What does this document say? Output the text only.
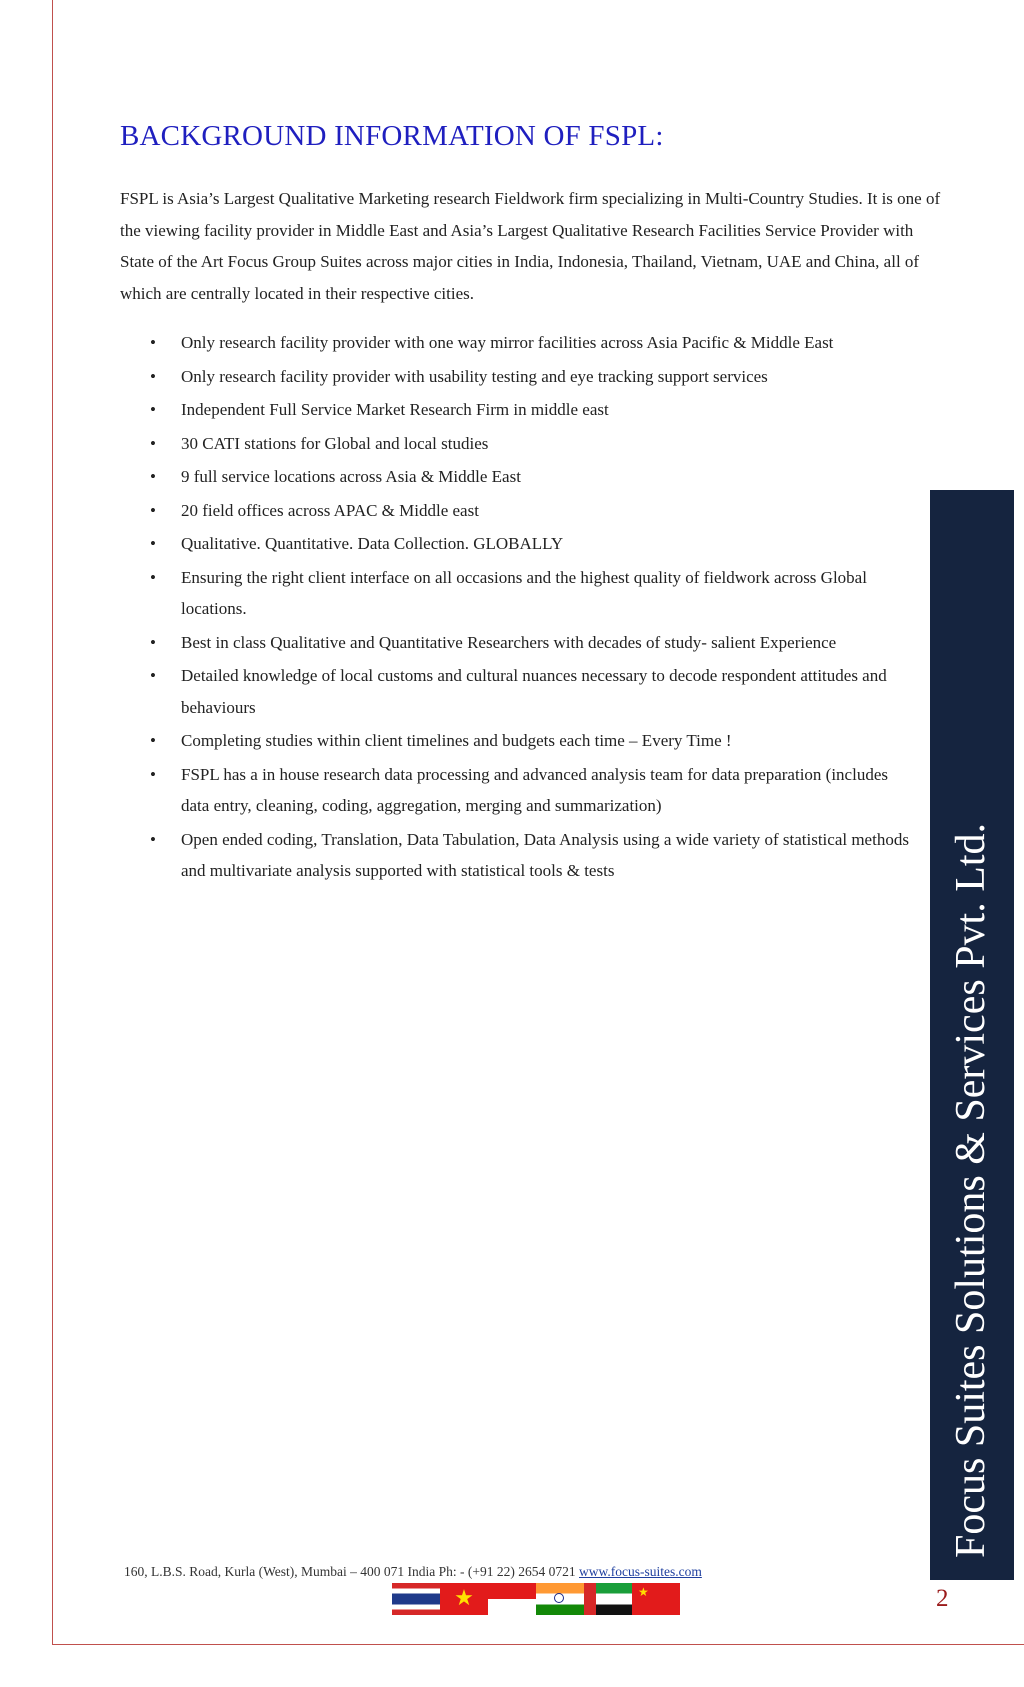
BACKGROUND INFORMATION OF FSPL:

FSPL is Asia’s Largest Qualitative Marketing research Fieldwork firm specializing in Multi-Country Studies. It is one of the viewing facility provider in Middle East and Asia’s Largest Qualitative Research Facilities Service Provider with State of the Art Focus Group Suites across major cities in India, Indonesia, Thailand, Vietnam, UAE and China, all of which are centrally located in their respective cities.

• Only research facility provider with one way mirror facilities across Asia Pacific & Middle East
• Only research facility provider with usability testing and eye tracking support services
• Independent Full Service Market Research Firm in middle east
• 30 CATI stations for Global and local studies
• 9 full service locations across Asia & Middle East
• 20 field offices across APAC & Middle east
• Qualitative. Quantitative. Data Collection. GLOBALLY
• Ensuring the right client interface on all occasions and the highest quality of fieldwork across Global locations.
• Best in class Qualitative and Quantitative Researchers with decades of study- salient Experience
• Detailed knowledge of local customs and cultural nuances necessary to decode respondent attitudes and behaviours
• Completing studies within client timelines and budgets each time – Every Time !
• FSPL has a in house research data processing and advanced analysis team for data preparation (includes data entry, cleaning, coding, aggregation, merging and summarization)
• Open ended coding, Translation, Data Tabulation, Data Analysis using a wide variety of statistical methods and multivariate analysis supported with statistical tools & tests	Focus Suites Solutions & Services Pvt. Ltd.
160, L.B.S. Road, Kurla (West), Mumbai – 400 071 India Ph: - (+91 22) 2654 0721 www.focus-suites.com
★	★	2
